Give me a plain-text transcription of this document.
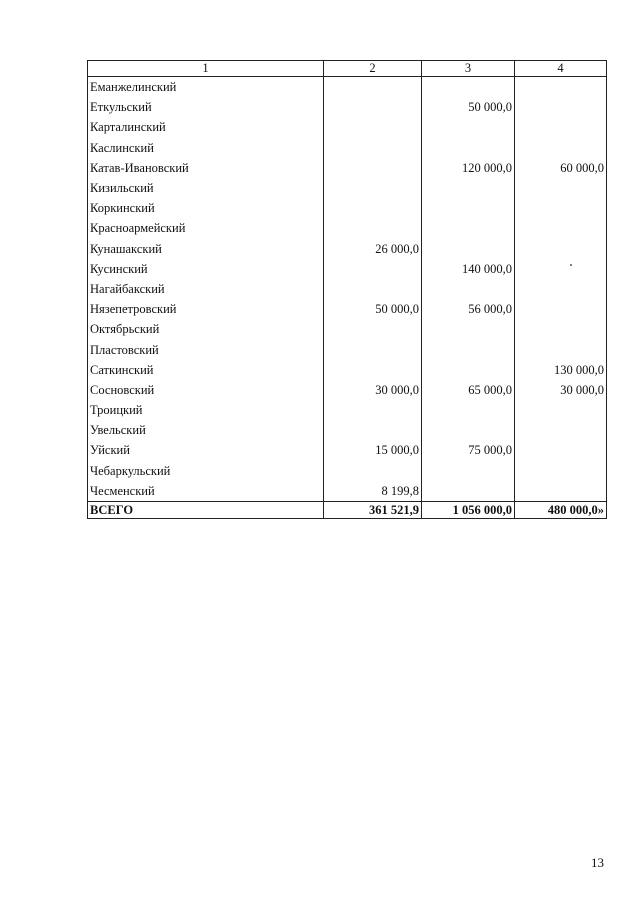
1	2	3	4
Еманжелинский			
Еткульский		50 000,0	
Карталинский			
Каслинский			
Катав-Ивановский		120 000,0	60 000,0
Кизильский			
Коркинский			
Красноармейский			
Кунашакский	26 000,0		
Кусинский		140 000,0	
Нагайбакский			
Нязепетровский	50 000,0	56 000,0	
Октябрьский			
Пластовский			
Саткинский			130 000,0
Сосновский	30 000,0	65 000,0	30 000,0
Троицкий			
Увельский			
Уйский	15 000,0	75 000,0	
Чебаркульский			
Чесменский	8 199,8		
ВСЕГО	361 521,9	1 056 000,0	480 000,0»
13
